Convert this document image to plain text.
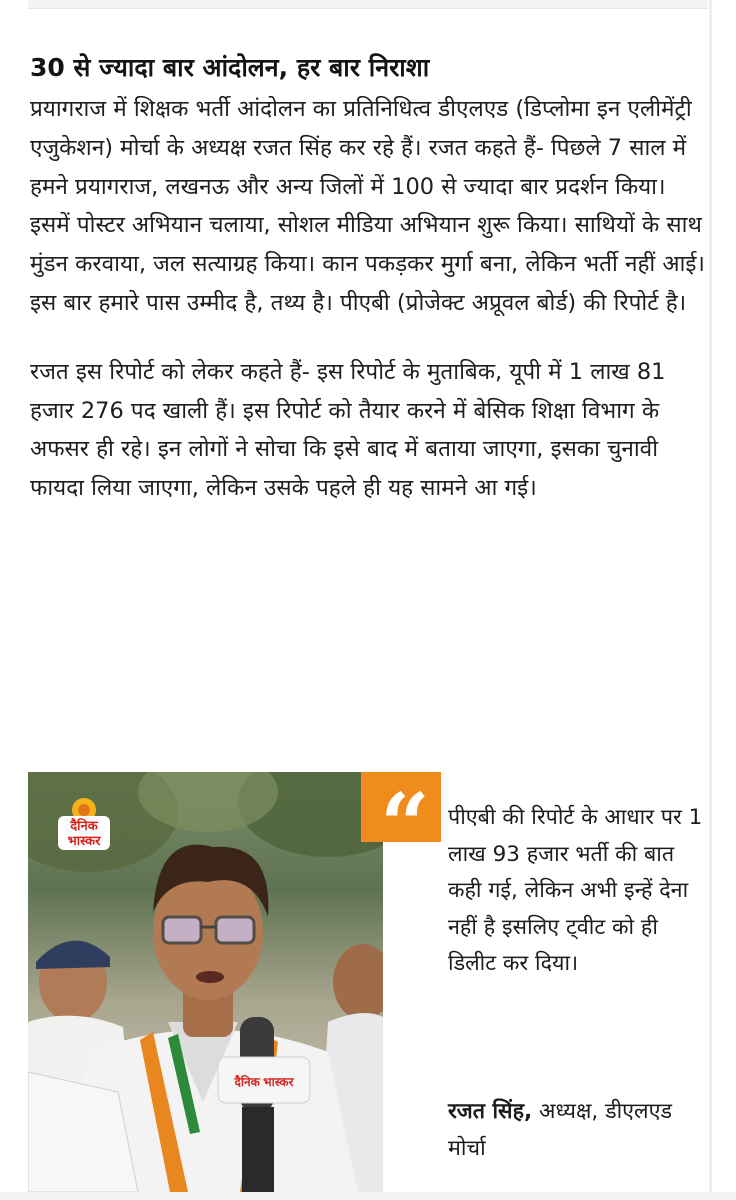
30 से ज्यादा बार आंदोलन, हर बार निराशा

प्रयागराज में शिक्षक भर्ती आंदोलन का प्रतिनिधित्व डीएलएड (डिप्लोमा इन एलीमेंट्री एजुकेशन) मोर्चा के अध्यक्ष रजत सिंह कर रहे हैं। रजत कहते हैं- पिछले 7 साल में हमने प्रयागराज, लखनऊ और अन्य जिलों में 100 से ज्यादा बार प्रदर्शन किया। इसमें पोस्टर अभियान चलाया, सोशल मीडिया अभियान शुरू किया। साथियों के साथ मुंडन करवाया, जल सत्याग्रह किया। कान पकड़कर मुर्गा बना, लेकिन भर्ती नहीं आई। इस बार हमारे पास उम्मीद है, तथ्य है। पीएबी (प्रोजेक्ट अप्रूवल बोर्ड) की रिपोर्ट है।

रजत इस रिपोर्ट को लेकर कहते हैं- इस रिपोर्ट के मुताबिक, यूपी में 1 लाख 81 हजार 276 पद खाली हैं। इस रिपोर्ट को तैयार करने में बेसिक शिक्षा विभाग के अफसर ही रहे। इन लोगों ने सोचा कि इसे बाद में बताया जाएगा, इसका चुनावी फायदा लिया जाएगा, लेकिन उसके पहले ही यह सामने आ गई।

दैनिक
भास्कर
दैनिक भास्कर
“ पीएबी की रिपोर्ट के आधार पर 1 लाख 93 हजार भर्ती की बात कही गई, लेकिन अभी इन्हें देना नहीं है इसलिए ट्वीट को ही डिलीट कर दिया।
रजत सिंह, अध्यक्ष, डीएलएड मोर्चा
